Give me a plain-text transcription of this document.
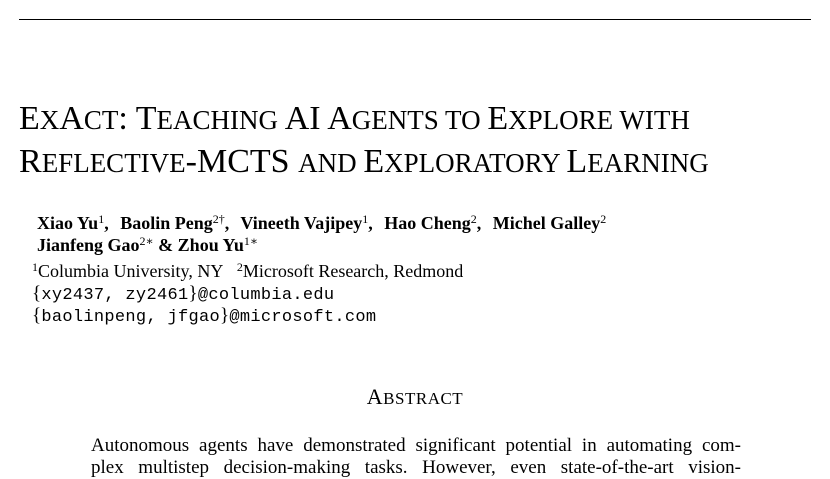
EXACT: TEACHING AI AGENTS TO EXPLORE WITH
REFLECTIVE-MCTS AND EXPLORATORY LEARNING
Xiao Yu$^1$, Baolin Peng$^{2\dagger}$, Vineeth Vajipey$^1$, Hao Cheng$^2$, Michel Galley$^2$
Jianfeng Gao$^{2∗}$ & Zhou $Yu^{1∗}$
$^1$Columbia University, NY $^2$Microsoft Research, Redmond
{xy2437, zy2461}@columbia.edu
{baolinpeng, jfgao}@microsoft.com
ABSTRACT
Autonomous agents have demonstrated significant potential in automating com-
plex multistep decision-making tasks. However, even state-of-the-art vision-
